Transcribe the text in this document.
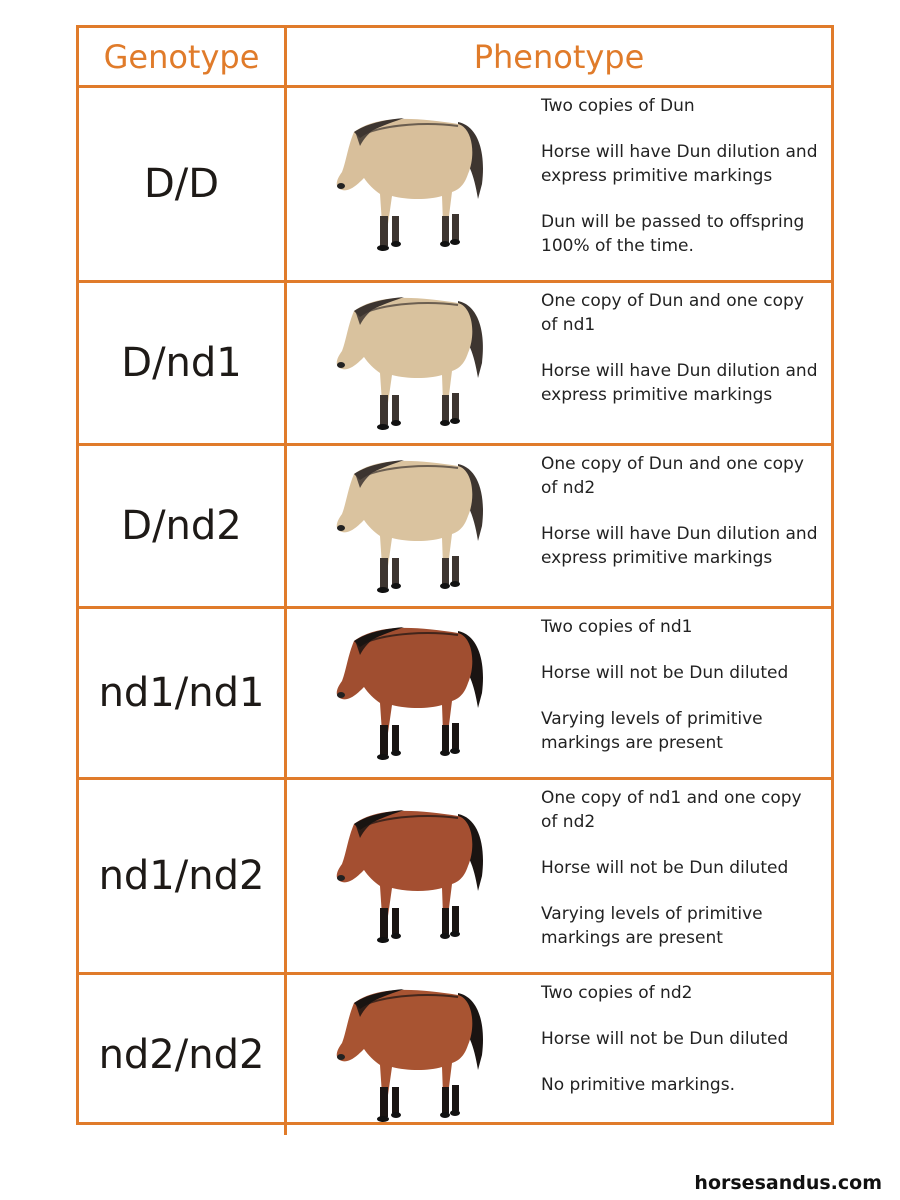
Genotype	Phenotype
D/D

Two copies of Dun

Horse will have Dun dilution and express primitive markings

Dun will be passed to offspring 100% of the time.

D/nd1

One copy of Dun and one copy of nd1

Horse will have Dun dilution and express primitive markings

D/nd2

One copy of Dun and one copy of nd2

Horse will have Dun dilution and express primitive markings

nd1/nd1

Two copies of nd1

Horse will not be Dun diluted

Varying levels of primitive markings are present

nd1/nd2

One copy of nd1 and one copy of nd2

Horse will not be Dun diluted

Varying levels of primitive markings are present

nd2/nd2

Two copies of nd2

Horse will not be Dun diluted

No primitive markings.

horsesandus.com
